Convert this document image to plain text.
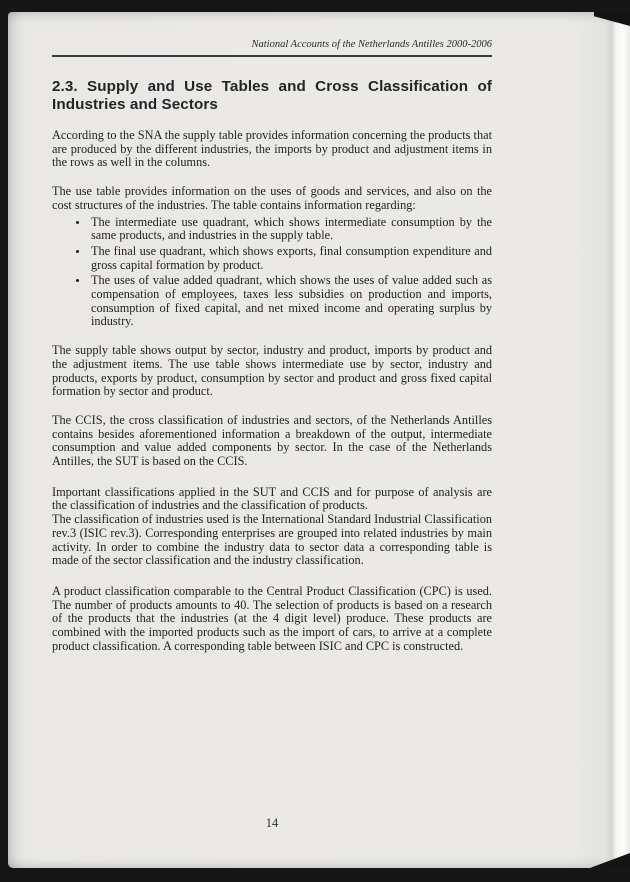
National Accounts of the Netherlands Antilles 2000-2006
2.3. Supply and Use Tables and Cross Classification of Industries and Sectors

According to the SNA the supply table provides information concerning the products that are produced by the different industries, the imports by product and adjustment items in the rows as well in the columns.

The use table provides information on the uses of goods and services, and also on the cost structures of the industries. The table contains information regarding:

• The intermediate use quadrant, which shows intermediate consumption by the same products, and industries in the supply table.
• The final use quadrant, which shows exports, final consumption expenditure and gross capital formation by product.
• The uses of value added quadrant, which shows the uses of value added such as compensation of employees, taxes less subsidies on production and imports, consumption of fixed capital, and net mixed income and operating surplus by industry.

The supply table shows output by sector, industry and product, imports by product and the adjustment items. The use table shows intermediate use by sector, industry and products, exports by product, consumption by sector and product and gross fixed capital formation by sector and product.

The CCIS, the cross classification of industries and sectors, of the Netherlands Antilles contains besides aforementioned information a breakdown of the output, intermediate consumption and value added components by sector. In the case of the Netherlands Antilles, the SUT is based on the CCIS.

Important classifications applied in the SUT and CCIS and for purpose of analysis are the classification of industries and the classification of products.

The classification of industries used is the International Standard Industrial Classification rev.3 (ISIC rev.3). Corresponding enterprises are grouped into related industries by main activity. In order to combine the industry data to sector data a corresponding table is made of the sector classification and the industry classification.

A product classification comparable to the Central Product Classification (CPC) is used. The number of products amounts to 40. The selection of products is based on a research of the products that the industries (at the 4 digit level) produce. These products are combined with the imported products such as the import of cars, to arrive at a complete product classification. A corresponding table between ISIC and CPC is constructed.

14
